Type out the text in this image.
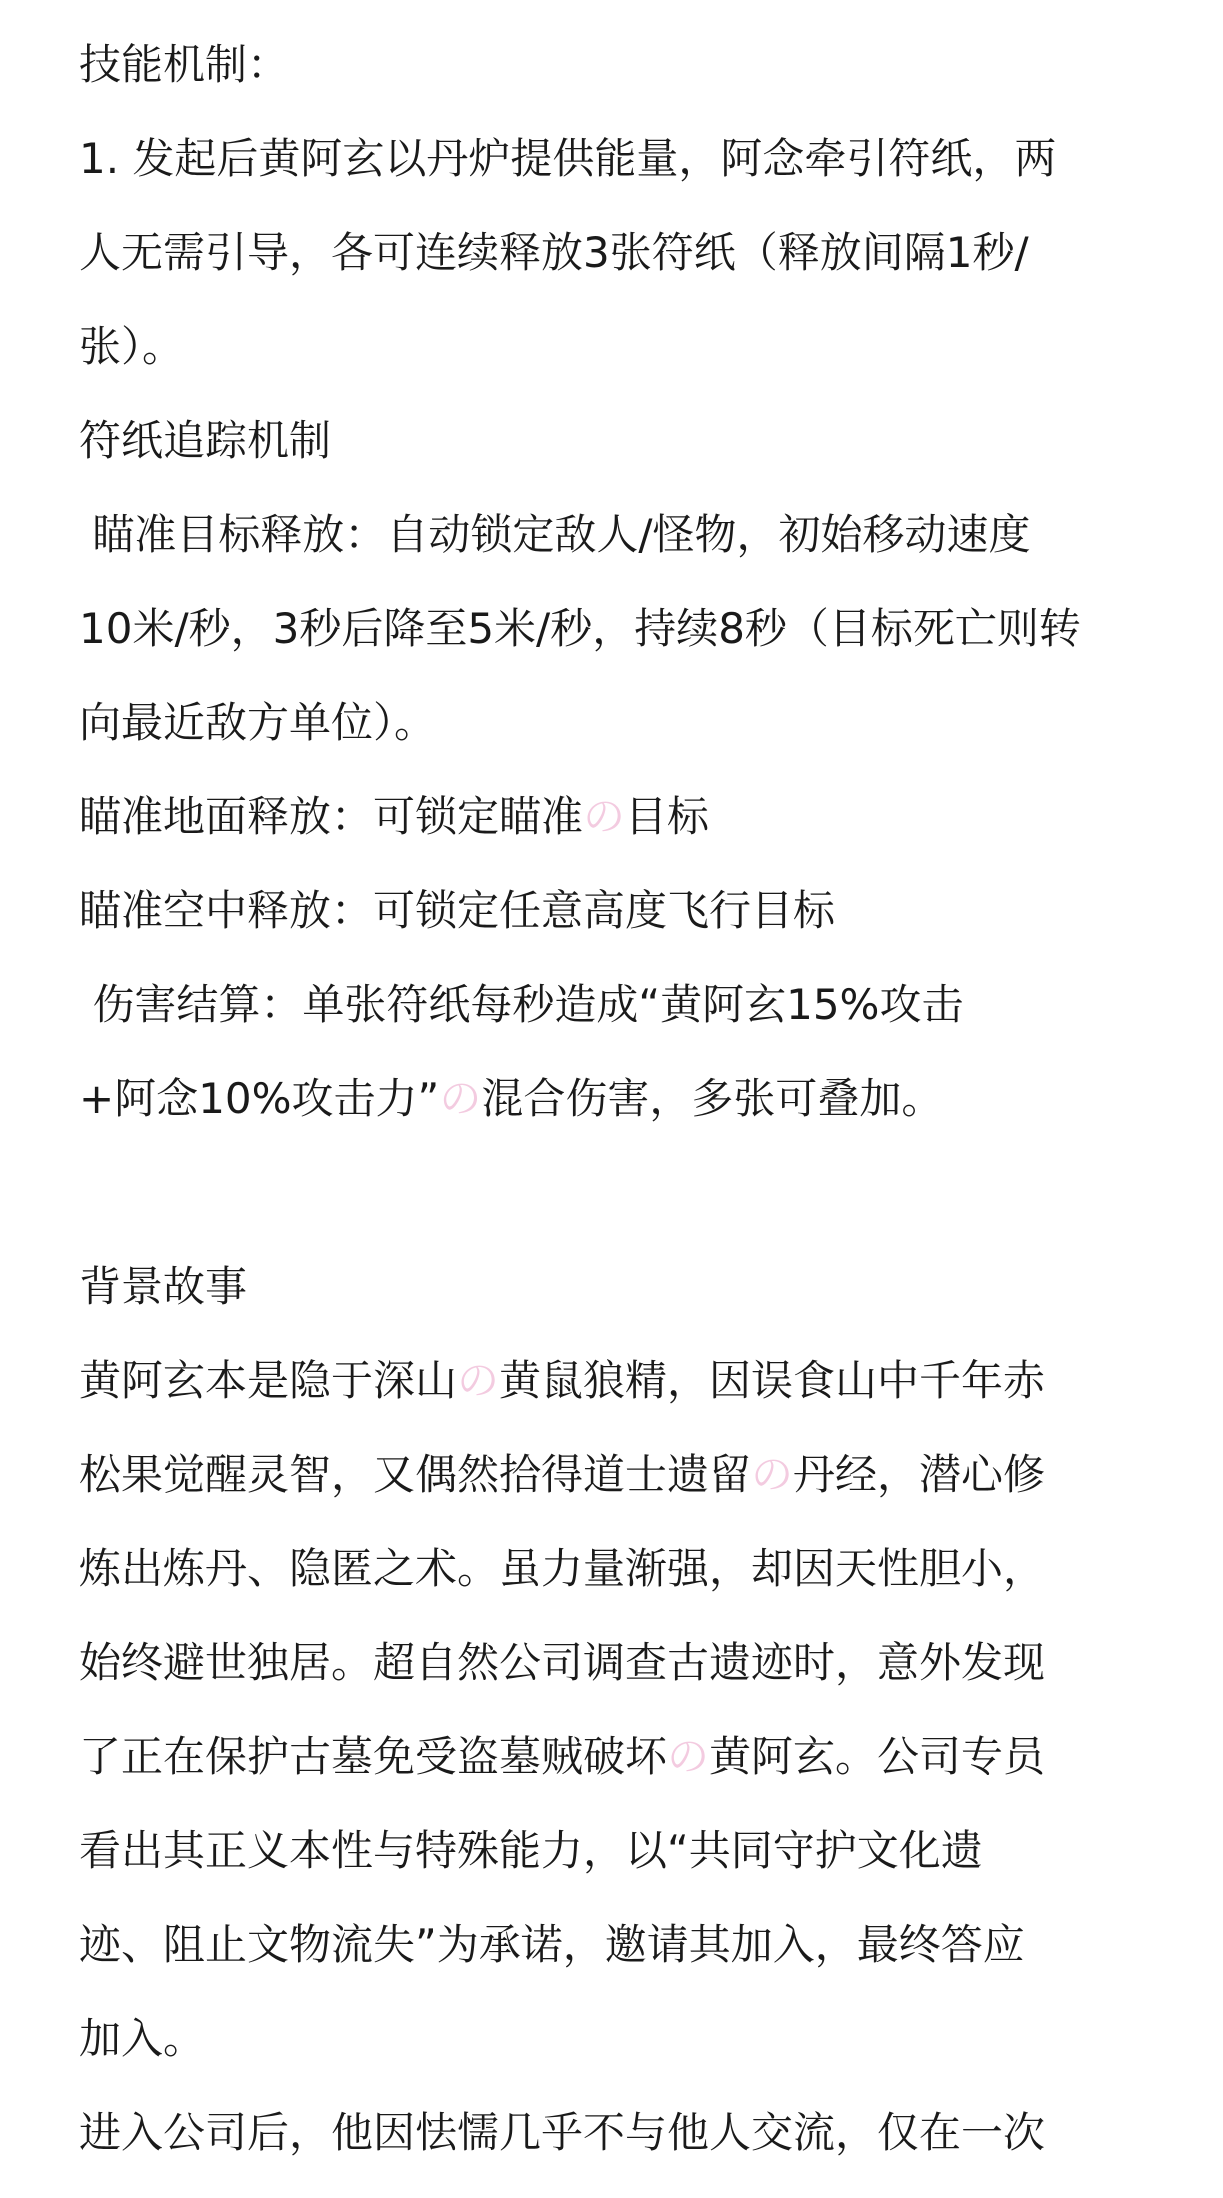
技能机制：
1. 发起后黄阿玄以丹炉提供能量，阿念牵引符纸，两
人无需引导，各可连续释放3张符纸（释放间隔1秒/
张）。
符纸追踪机制
瞄准目标释放：自动锁定敌人/怪物，初始移动速度
10米/秒，3秒后降至5米/秒，持续8秒（目标死亡则转
向最近敌方单位）。
瞄准地面释放：可锁定瞄准の目标
瞄准空中释放：可锁定任意高度飞行目标
伤害结算：单张符纸每秒造成“黄阿玄15%攻击
+阿念10%攻击力”の混合伤害，多张可叠加。
背景故事
黄阿玄本是隐于深山の黄鼠狼精，因误食山中千年赤
松果觉醒灵智，又偶然拾得道士遗留の丹经，潜心修
炼出炼丹、隐匿之术。虽力量渐强，却因天性胆小，
始终避世独居。超自然公司调查古遗迹时，意外发现
了正在保护古墓免受盗墓贼破坏の黄阿玄。公司专员
看出其正义本性与特殊能力，以“共同守护文化遗
迹、阻止文物流失”为承诺，邀请其加入，最终答应
加入。
进入公司后，他因怯懦几乎不与他人交流，仅在一次
